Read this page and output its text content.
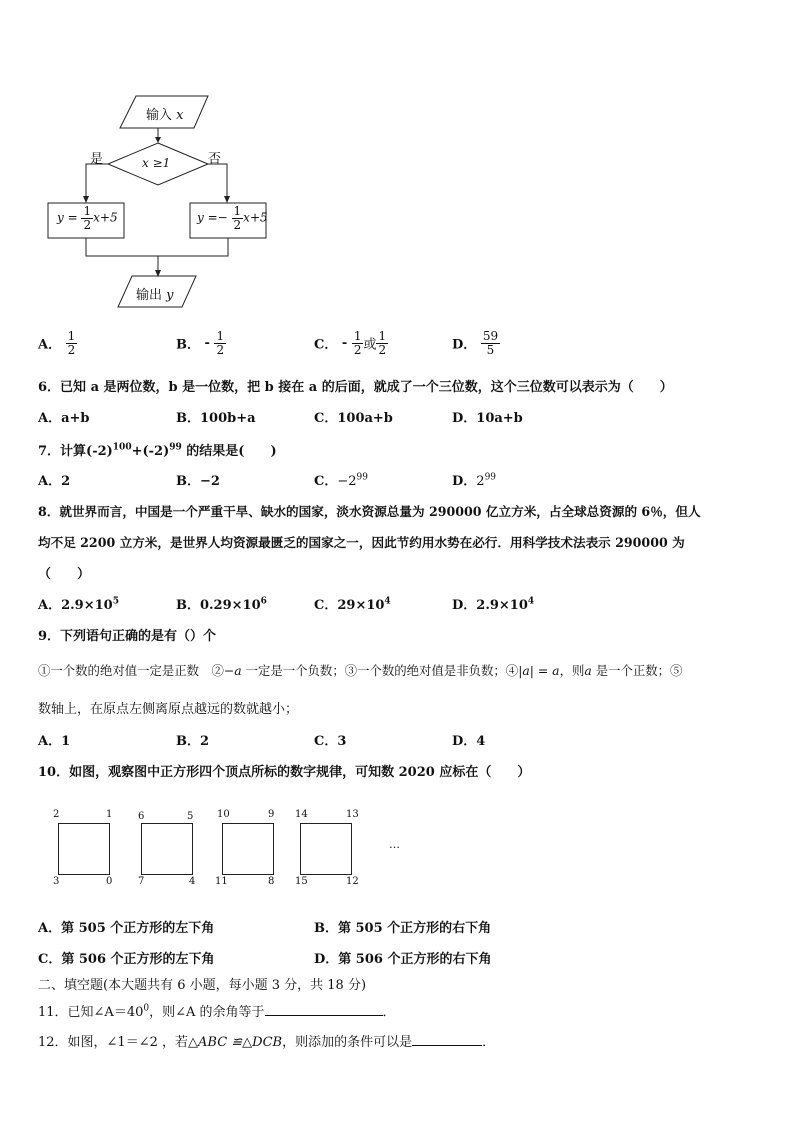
输入 x
x ≥1
是	否
$y = \frac{1}{2} x+5$	$y =- \frac{1}{2} x+5$
输出 y
A． $\frac{1}{2}$	B． - $\frac{1}{2}$	C． - $\frac{1}{2}$ 或 $\frac{1}{2}$	D． $\frac{59}{5}$
6．已知 a 是两位数，b 是一位数，把 b 接在 a 的后面，就成了一个三位数，这个三位数可以表示为（　　）
A．a+b	B．100b+a	C．100a+b	D．10a+b
7．计算$(-2)^{100}+(-2)^{99}$ 的结果是(　　)
A．2	B．−2	C．$-2^{99}$	D．$2^{99}$
8．就世界而言，中国是一个严重干旱、缺水的国家，淡水资源总量为 290000 亿立方米，占全球总资源的 6％，但人
均不足 2200 立方米，是世界人均资源最匮乏的国家之一，因此节约用水势在必行．用科学技术法表示 290000 为
（　　）
A．$2.9\times 10^5$	B．$0.29\times 10^6$	C．$29\times 10^4$	D．$2.9\times 10^4$
9．下列语句正确的是有（）个
①一个数的绝对值一定是正数　②−a 一定是一个负数；③一个数的绝对值是非负数；④|a| = a，则a 是一个正数；⑤
数轴上，在原点左侧离原点越远的数就越小；
A．1	B．2	C．3	D．4
10．如图，观察图中正方形四个顶点所标的数字规律，可知数 2020 应标在（　　）
2	1
3	0
6	5
7	4
10	9
11	8
14	13
15	12
…
A．第 505 个正方形的左下角	B．第 505 个正方形的右下角
C．第 506 个正方形的左下角	D．第 506 个正方形的右下角
二、填空题(本大题共有 6 小题，每小题 3 分，共 18 分)
11．已知$\angle A=40^0$，则∠A 的余角等于	．
12．如图，∠1＝∠2 ，若△ABC ≌△DCB，则添加的条件可以是	．
